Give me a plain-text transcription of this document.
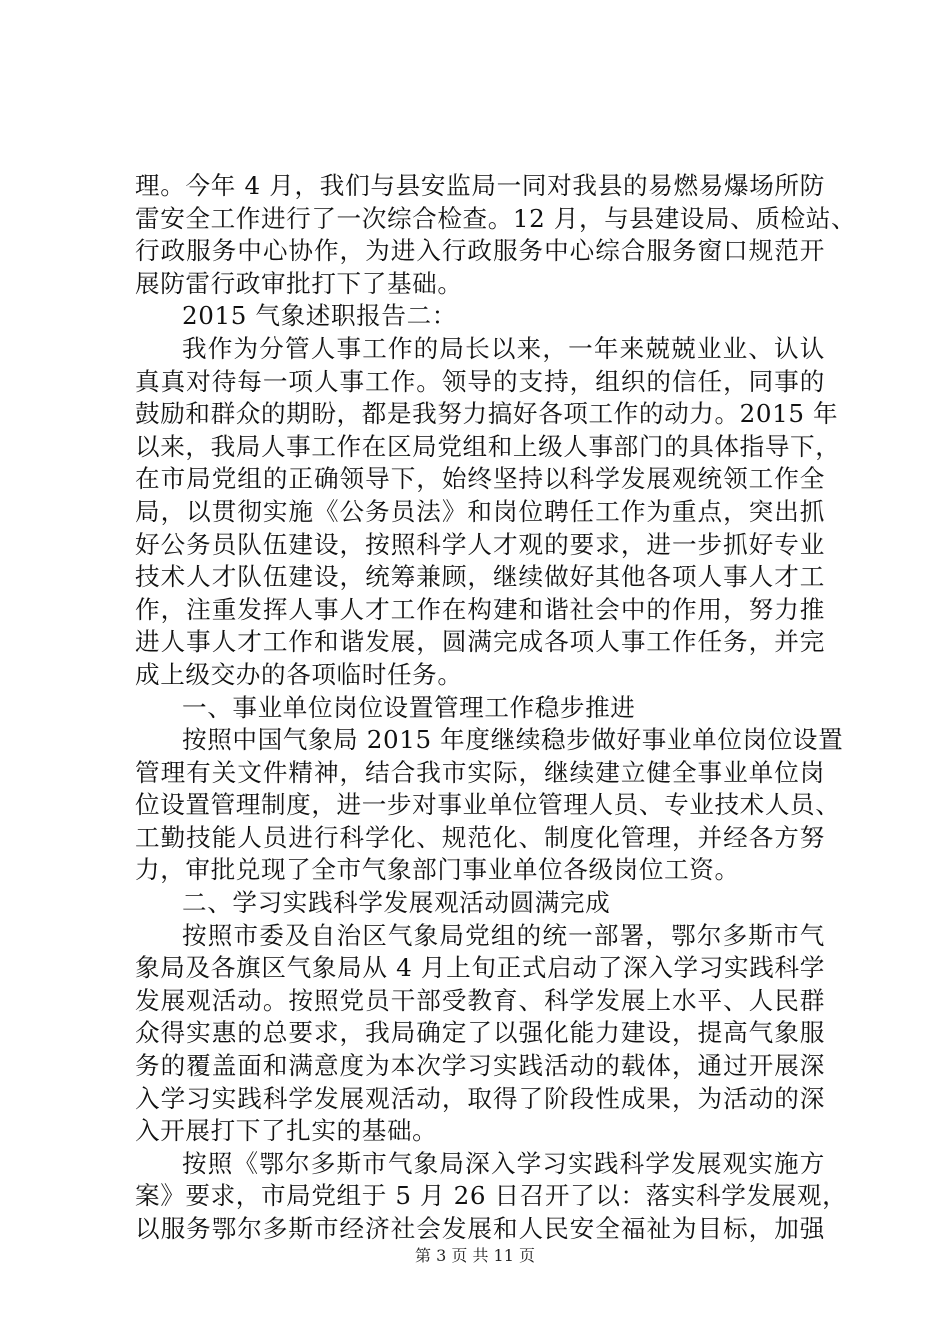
理。今年 4 月，我们与县安监局一同对我县的易燃易爆场所防
雷安全工作进行了一次综合检查。12 月，与县建设局、质检站、
行政服务中心协作，为进入行政服务中心综合服务窗口规范开
展防雷行政审批打下了基础。
2015 气象述职报告二：
我作为分管人事工作的局长以来，一年来兢兢业业、认认
真真对待每一项人事工作。领导的支持，组织的信任，同事的
鼓励和群众的期盼，都是我努力搞好各项工作的动力。2015 年
以来，我局人事工作在区局党组和上级人事部门的具体指导下，
在市局党组的正确领导下，始终坚持以科学发展观统领工作全
局，以贯彻实施《公务员法》和岗位聘任工作为重点，突出抓
好公务员队伍建设，按照科学人才观的要求，进一步抓好专业
技术人才队伍建设，统筹兼顾，继续做好其他各项人事人才工
作，注重发挥人事人才工作在构建和谐社会中的作用，努力推
进人事人才工作和谐发展，圆满完成各项人事工作任务，并完
成上级交办的各项临时任务。
一、事业单位岗位设置管理工作稳步推进
按照中国气象局 2015 年度继续稳步做好事业单位岗位设置
管理有关文件精神，结合我市实际，继续建立健全事业单位岗
位设置管理制度，进一步对事业单位管理人员、专业技术人员、
工勤技能人员进行科学化、规范化、制度化管理，并经各方努
力，审批兑现了全市气象部门事业单位各级岗位工资。
二、学习实践科学发展观活动圆满完成
按照市委及自治区气象局党组的统一部署，鄂尔多斯市气
象局及各旗区气象局从 4 月上旬正式启动了深入学习实践科学
发展观活动。按照党员干部受教育、科学发展上水平、人民群
众得实惠的总要求，我局确定了以强化能力建设，提高气象服
务的覆盖面和满意度为本次学习实践活动的载体，通过开展深
入学习实践科学发展观活动，取得了阶段性成果，为活动的深
入开展打下了扎实的基础。
按照《鄂尔多斯市气象局深入学习实践科学发展观实施方
案》要求，市局党组于 5 月 26 日召开了以：落实科学发展观，
以服务鄂尔多斯市经济社会发展和人民安全福祉为目标，加强
第 3 页 共 11 页
